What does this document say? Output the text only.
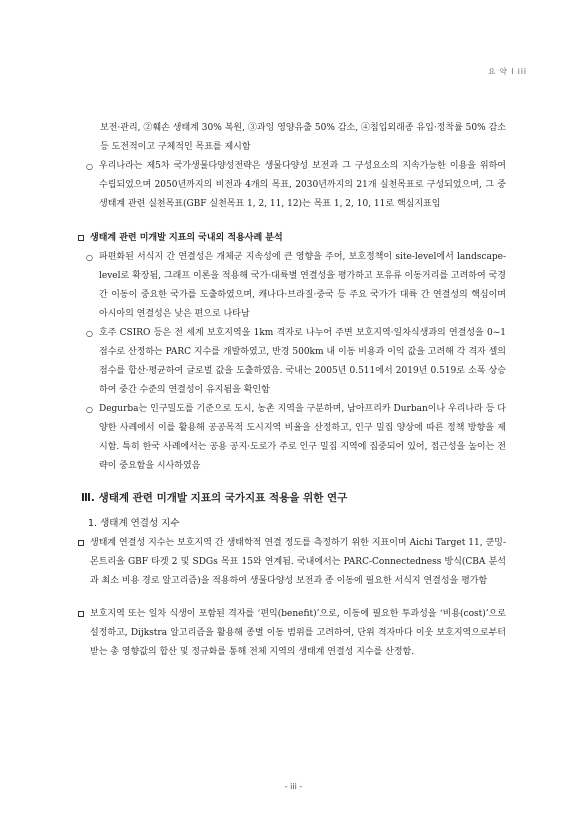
요 약 l iii

보전·관리, ②훼손 생태계 30% 복원, ③과잉 영양유출 50% 감소, ④침입외래종 유입·정착률 50% 감소 등 도전적이고 구체적인 목표를 제시함

○ 우리나라는 제5차 국가생물다양성전략은 생물다양성 보전과 그 구성요소의 지속가능한 이용을 위하여 수립되었으며 2050년까지의 비전과 4개의 목표, 2030년까지의 21개 실천목표로 구성되었으며, 그 중 생태계 관련 실천목표(GBF 실천목표 1, 2, 11, 12)는 목표 1, 2, 10, 11로 핵심지표임
생태계 관련 미개발 지표의 국내외 적용사례 분석
○ 파편화된 서식지 간 연결성은 개체군 지속성에 큰 영향을 주어, 보호정책이 site-level에서 landscape-level로 확장됨, 그래프 이론을 적용해 국가·대륙별 연결성을 평가하고 포유류 이동거리를 고려하여 국경 간 이동이 중요한 국가를 도출하였으며, 캐나다·브라질·중국 등 주요 국가가 대륙 간 연결성의 핵심이며 아시아의 연결성은 낮은 편으로 나타남
○ 호주 CSIRO 등은 전 세계 보호지역을 1km 격자로 나누어 주변 보호지역·일차식생과의 연결성을 0~1 점수로 산정하는 PARC 지수를 개발하였고, 반경 500km 내 이동 비용과 이익 값을 고려해 각 격자 셀의 점수를 합산·평균하여 글로벌 값을 도출하였음. 국내는 2005년 0.511에서 2019년 0.519로 소폭 상승하여 중간 수준의 연결성이 유지됨을 확인함
○ Degurba는 인구밀도를 기준으로 도시, 농촌 지역을 구분하며, 남아프리카 Durban이나 우리나라 등 다양한 사례에서 이를 활용해 공공목적 도시지역 비율을 산정하고, 인구 밀집 양상에 따른 정책 방향을 제시함. 특히 한국 사례에서는 공용 공지·도로가 주로 인구 밀집 지역에 집중되어 있어, 접근성을 높이는 전략이 중요함을 시사하였음
Ⅲ. 생태계 관련 미개발 지표의 국가지표 적용을 위한 연구
1. 생태계 연결성 지수
생태계 연결성 지수는 보호지역 간 생태학적 연결 정도를 측정하기 위한 지표이며 Aichi Target 11, 쿤밍-몬트리올 GBF 타겟 2 및 SDGs 목표 15와 연계됨. 국내에서는 PARC-Connectedness 방식(CBA 분석과 최소 비용 경로 알고리즘)을 적용하여 생물다양성 보전과 종 이동에 필요한 서식지 연결성을 평가함
보호지역 또는 일차 식생이 포함된 격자를 ‘편익(benefit)’으로, 이동에 필요한 투과성을 ‘비용(cost)’으로 설정하고, Dijkstra 알고리즘을 활용해 종별 이동 범위를 고려하여, 단위 격자마다 이웃 보호지역으로부터 받는 총 영향값의 합산 및 정규화를 통해 전체 지역의 생태계 연결성 지수를 산정함.
- iii -
